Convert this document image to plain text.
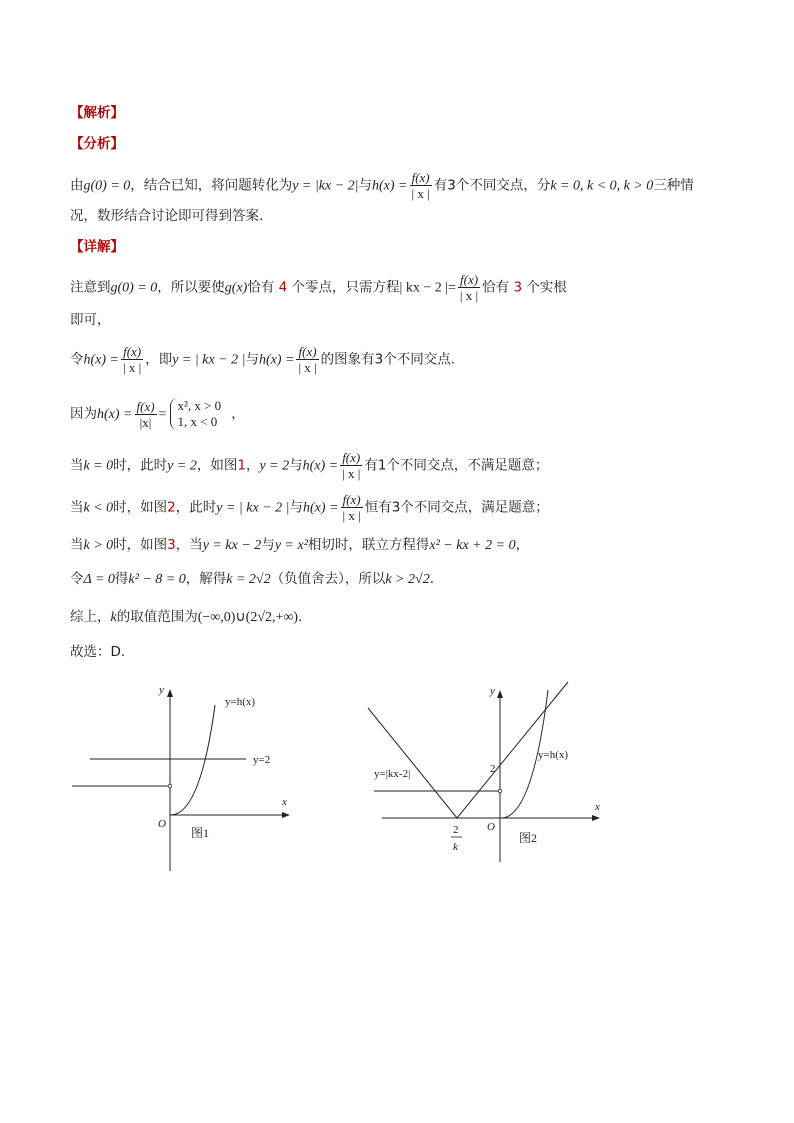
【解析】
【分析】
由g(0) = 0，结合已知，将问题转化为y = |kx − 2|与$h(x) = \frac{f(x)}{| x |}$ 有3个不同交点，分k = 0, k < 0, k > 0三种情
况，数形结合讨论即可得到答案.
【详解】
注意到g(0) = 0，所以要使g(x)恰有 4 个零点，只需方程| kx − 2 |= $\frac{f(x)}{| x |}$ 恰有 3 个实根
即可，
令$h(x) = \frac{f(x)}{| x |}$ ，即y = | kx − 2 |与$h(x) = \frac{f(x)}{| x |}$ 的图象有3个不同交点.
因为$h(x) = \frac{f(x)}{|x|}$ =
x², x > 0
1, x < 0 ，
当k = 0时，此时y = 2，如图1，y = 2与$h(x) = \frac{f(x)}{| x |}$ 有1个不同交点，不满足题意；
当k < 0时，如图2，此时y = | kx − 2 |与$h(x) = \frac{f(x)}{| x |}$ 恒有3个不同交点，满足题意；
当k > 0时，如图3，当y = kx − 2与y = x²相切时，联立方程得x² − kx + 2 = 0，
令Δ = 0得k² − 8 = 0，解得k = 2√2（负值舍去），所以k > 2√2.
综上，k的取值范围为(−∞,0)∪(2√2,+∞).
故选：D.
y
x
O
y=h(x)
y=2
图1
y
x
O
y=h(x)
y=|kx-2|	2
2
k
图2
